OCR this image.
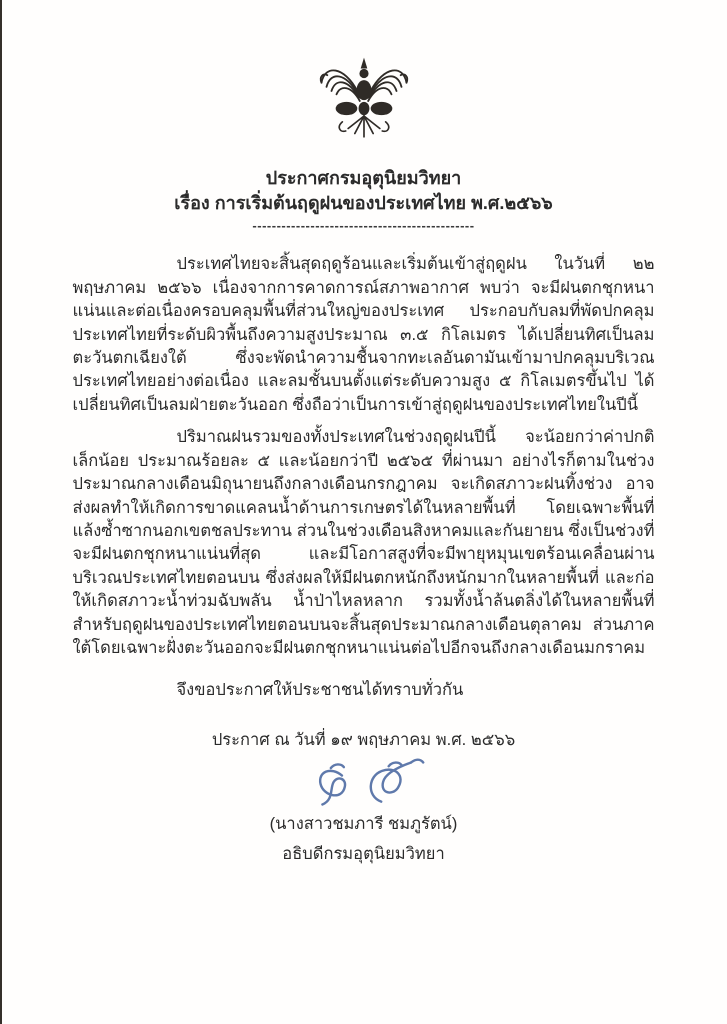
ประกาศกรมอุตุนิยมวิทยา
เรื่อง การเริ่มต้นฤดูฝนของประเทศไทย พ.ศ.๒๕๖๖
----------------------------------------------

ประเทศไทยจะสิ้นสุดฤดูร้อนและเริ่มต้นเข้าสู่ฤดูฝน ในวันที่ ๒๒ พฤษภาคม ๒๕๖๖ เนื่องจากการคาดการณ์สภาพอากาศ พบว่า จะมีฝนตกชุกหนาแน่นและต่อเนื่องครอบคลุมพื้นที่ส่วนใหญ่ของประเทศ ประกอบกับลมที่พัดปกคลุมประเทศไทยที่ระดับผิวพื้นถึงความสูงประมาณ ๓.๕ กิโลเมตร ได้เปลี่ยนทิศเป็นลมตะวันตกเฉียงใต้ ซึ่งจะพัดนำความชื้นจากทะเลอันดามันเข้ามาปกคลุมบริเวณประเทศไทยอย่างต่อเนื่อง และลมชั้นบนตั้งแต่ระดับความสูง ๕ กิโลเมตรขึ้นไป ได้เปลี่ยนทิศเป็นลมฝ่ายตะวันออก ซึ่งถือว่าเป็นการเข้าสู่ฤดูฝนของประเทศไทยในปีนี้

ปริมาณฝนรวมของทั้งประเทศในช่วงฤดูฝนปีนี้ จะน้อยกว่าค่าปกติเล็กน้อย ประมาณร้อยละ ๕ และน้อยกว่าปี ๒๕๖๕ ที่ผ่านมา อย่างไรก็ตามในช่วงประมาณกลางเดือนมิถุนายนถึงกลางเดือนกรกฎาคม จะเกิดสภาวะฝนทิ้งช่วง อาจส่งผลทำให้เกิดการขาดแคลนน้ำด้านการเกษตรได้ในหลายพื้นที่ โดยเฉพาะพื้นที่แล้งซ้ำซากนอกเขตชลประทาน ส่วนในช่วงเดือนสิงหาคมและกันยายน ซึ่งเป็นช่วงที่จะมีฝนตกชุกหนาแน่นที่สุด และมีโอกาสสูงที่จะมีพายุหมุนเขตร้อนเคลื่อนผ่านบริเวณประเทศไทยตอนบน ซึ่งส่งผลให้มีฝนตกหนักถึงหนักมากในหลายพื้นที่ และก่อให้เกิดสภาวะน้ำท่วมฉับพลัน น้ำป่าไหลหลาก รวมทั้งน้ำล้นตลิ่งได้ในหลายพื้นที่ สำหรับฤดูฝนของประเทศไทยตอนบนจะสิ้นสุดประมาณกลางเดือนตุลาคม ส่วนภาคใต้โดยเฉพาะฝั่งตะวันออกจะมีฝนตกชุกหนาแน่นต่อไปอีกจนถึงกลางเดือนมกราคม

จึงขอประกาศให้ประชาชนได้ทราบทั่วกัน
ประกาศ ณ วันที่ ๑๙ พฤษภาคม พ.ศ. ๒๕๖๖
(นางสาวชมภารี ชมภูรัตน์)
อธิบดีกรมอุตุนิยมวิทยา
